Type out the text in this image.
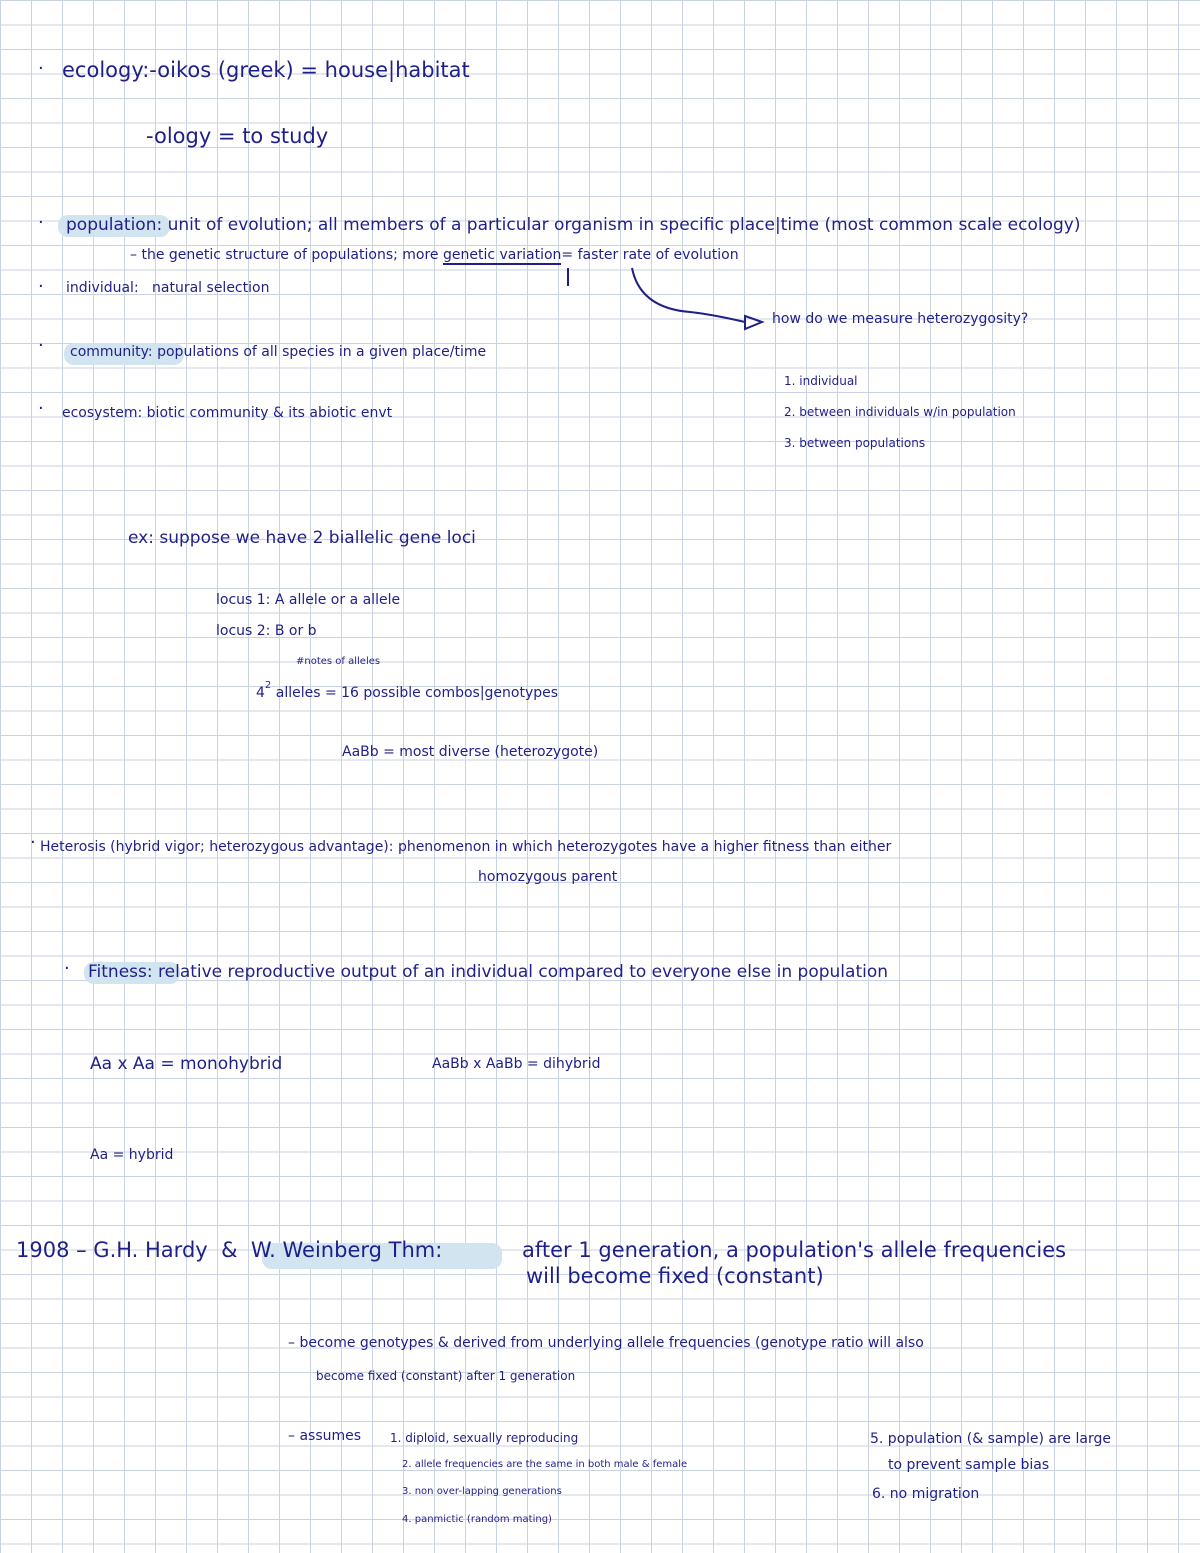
· ecology:-oikos (greek) = house|habitat
-ology = to study
· population: unit of evolution; all members of a particular organism in specific place|time (most common scale ecology)
– the genetic structure of populations; more genetic variation= faster rate of evolution
· individual: natural selection
how do we measure heterozygosity?
1. individual
2. between individuals w/in population
3. between populations
· community: populations of all species in a given place/time
· ecosystem: biotic community & its abiotic envt
ex: suppose we have 2 biallelic gene loci
locus 1: A allele or a allele
locus 2: B or b
#notes of alleles
$4^2$ alleles = 16 possible combos|genotypes
AaBb = most diverse (heterozygote)
· Heterosis (hybrid vigor; heterozygous advantage): phenomenon in which heterozygotes have a higher fitness than either
homozygous parent
· Fitness: relative reproductive output of an individual compared to everyone else in population
Aa x Aa = monohybrid	AaBb x AaBb = dihybrid
Aa = hybrid
1908 – G.H. Hardy & W. Weinberg Thm:	after 1 generation, a population's allele frequencies
will become fixed (constant)
– become genotypes & derived from underlying allele frequencies (genotype ratio will also
become fixed (constant) after 1 generation
– assumes 1. diploid, sexually reproducing
2. allele frequencies are the same in both male & female
3. non over-lapping generations
4. panmictic (random mating)
5. population (& sample) are large
to prevent sample bias
6. no migration
